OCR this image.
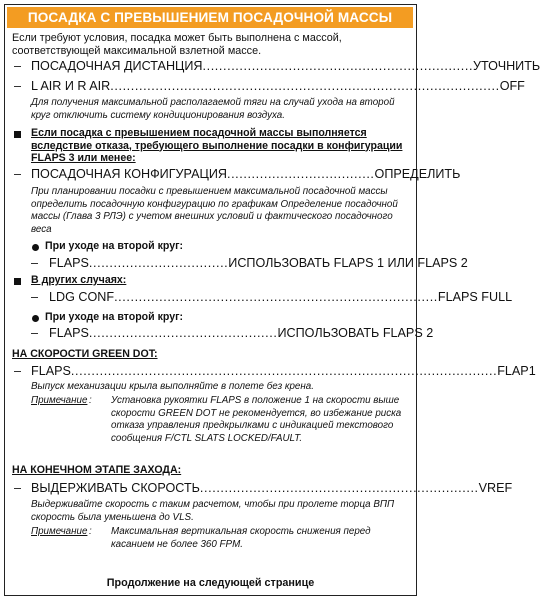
ПОСАДКА С ПРЕВЫШЕНИЕМ ПОСАДОЧНОЙ МАССЫ
Если требуют условия, посадка может быть выполнена с массой, соответствующей максимальной взлетной массе.
– ПОСАДОЧНАЯ ДИСТАНЦИЯ .................................................................. УТОЧНИТЬ
– L AIR И R AIR ............................................................................................... OFF
Для получения максимальной располагаемой тяги на случай ухода на второй круг отключить систему кондиционирования воздуха.
Если посадка с превышением посадочной массы выполняется вследствие отказа, требующего выполнение посадки в конфигурации FLAPS 3 или менее:
– ПОСАДОЧНАЯ КОНФИГУРАЦИЯ .................................... ОПРЕДЕЛИТЬ
При планировании посадки с превышением максимальной посадочной массы определить посадочную конфигурацию по графикам Определение посадочной массы (Глава 3 РЛЭ) с учетом внешних условий и фактического посадочного веса
При уходе на второй круг:
– FLAPS .................................. ИСПОЛЬЗОВАТЬ FLAPS 1 ИЛИ FLAPS 2
В других случаях:
– LDG CONF ............................................................................... FLAPS FULL
При уходе на второй круг:
– FLAPS .............................................. ИСПОЛЬЗОВАТЬ FLAPS 2
НА СКОРОСТИ GREEN DOT:
– FLAPS ........................................................................................................ FLAP1
Выпуск механизации крыла выполняйте в полете без крена.
Примечание : Установка рукоятки FLAPS в положение 1 на скорости выше скорости GREEN DOT не рекомендуется, во избежание риска отказа управления предкрылками с индикацией текстового сообщения F/CTL SLATS LOCKED/FAULT.
НА КОНЕЧНОМ ЭТАПЕ ЗАХОДА:
– ВЫДЕРЖИВАТЬ СКОРОСТЬ .................................................................... VREF
Выдерживайте скорость с таким расчетом, чтобы при пролете торца ВПП скорость была уменьшена до VLS.
Примечание : Максимальная вертикальная скорость снижения перед касанием не более 360 FPM.
Продолжение на следующей странице
